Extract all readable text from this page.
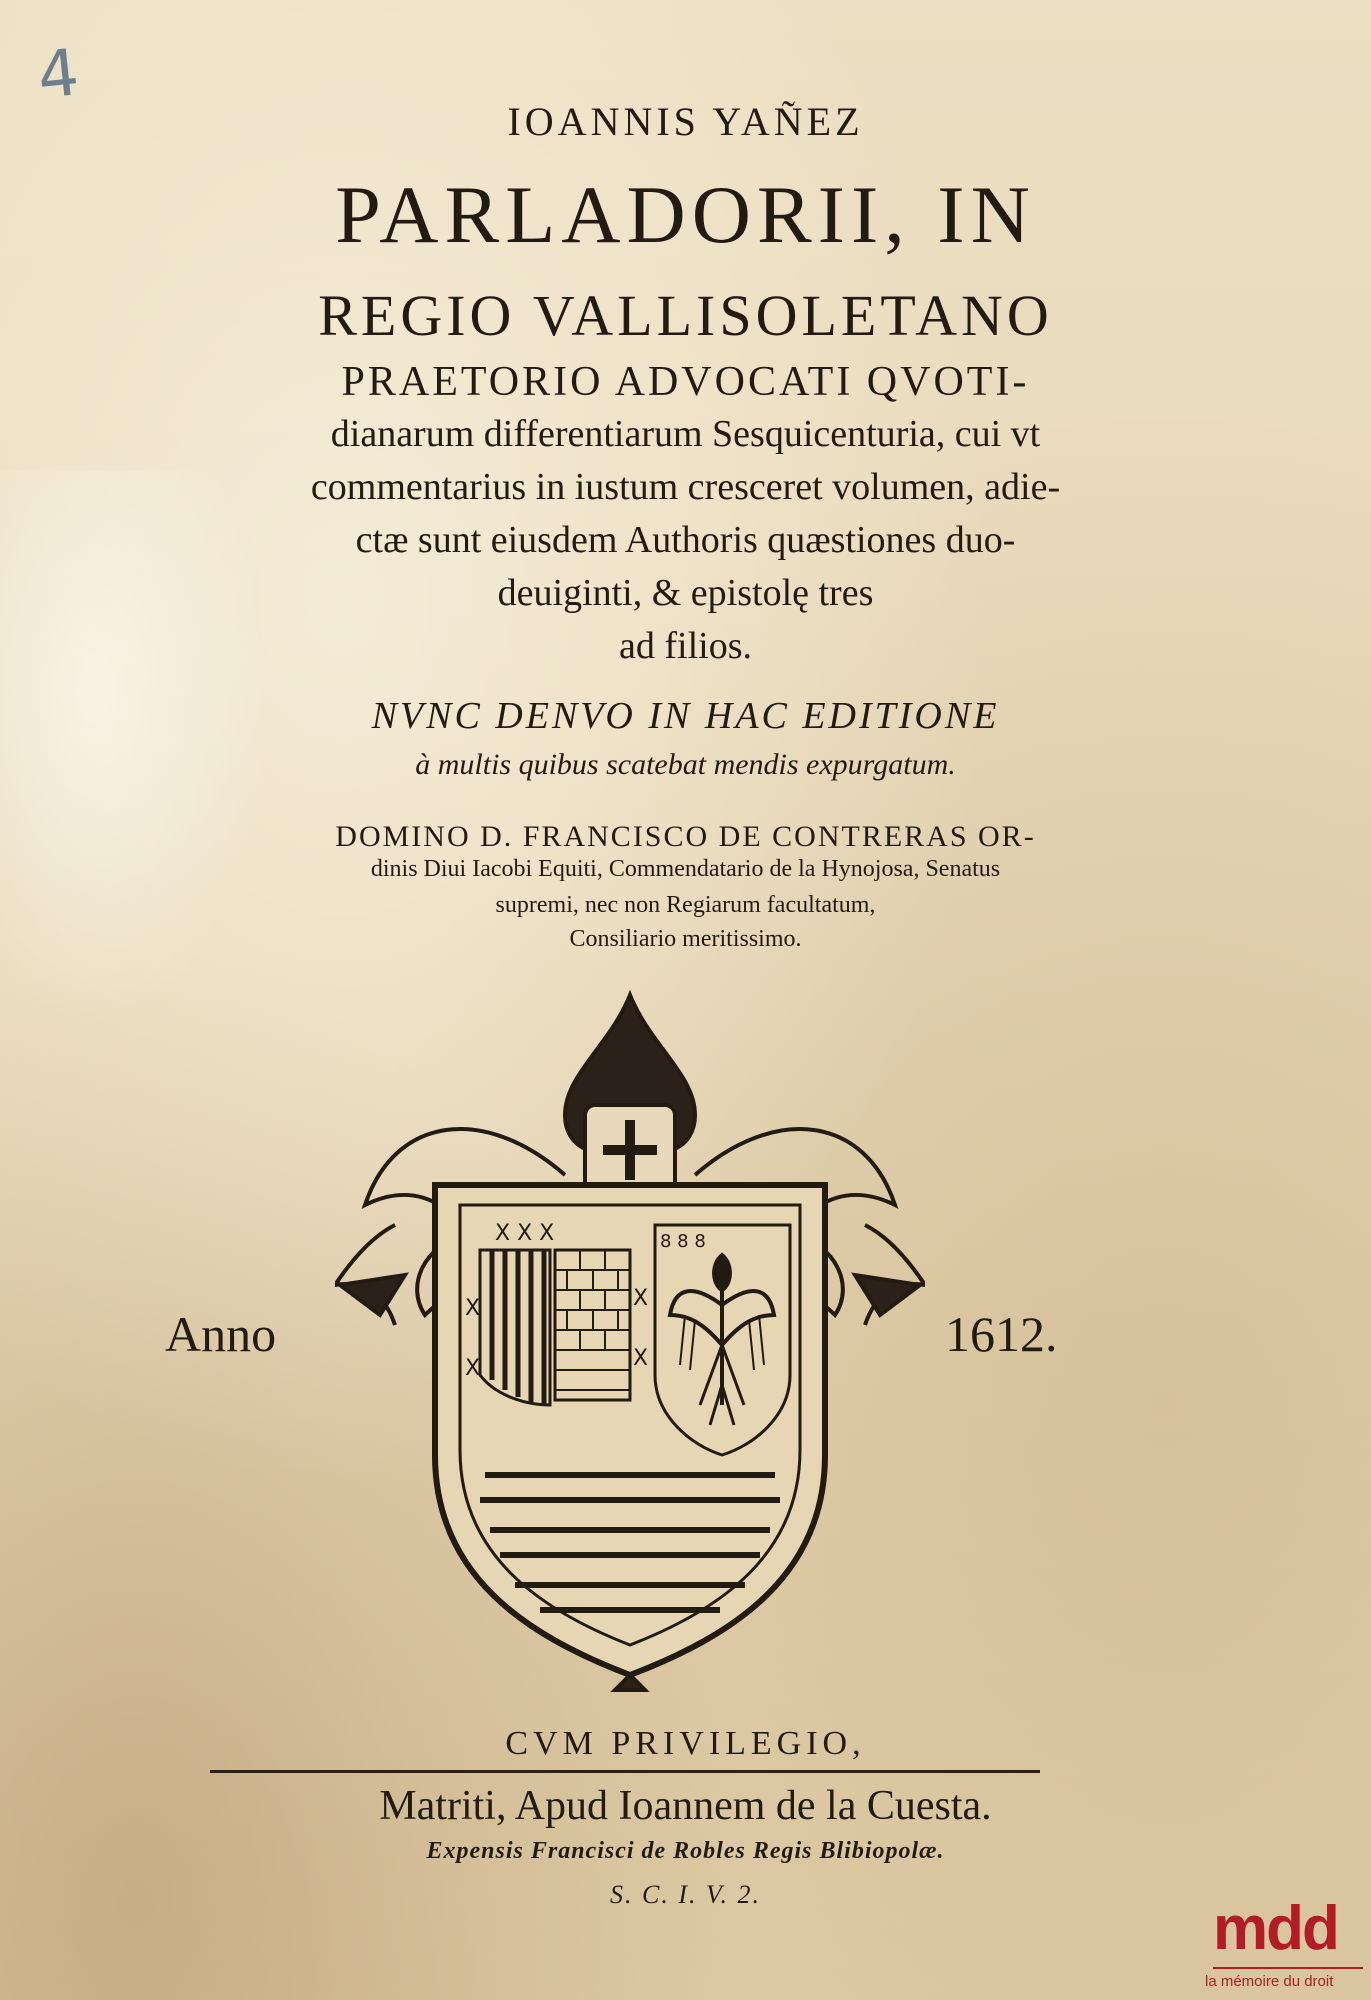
4
IOANNIS YAÑEZ
PARLADORII, IN
REGIO VALLISOLETANO
PRAETORIO ADVOCATI QVOTI-
dianarum differentiarum Sesquicenturia, cui vt
commentarius in iustum cresceret volumen, adie-
ctæ sunt eiusdem Authoris quæstiones duo-
deuiginti, & epistolę tres
ad filios.
NVNC DENVO IN HAC EDITIONE
à multis quibus scatebat mendis expurgatum.
DOMINO D. FRANCISCO DE CONTRERAS OR-
dinis Diui Iacobi Equiti, Commendatario de la Hynojosa, Senatus
supremi, nec non Regiarum facultatum,
Consiliario meritissimo.
X X X
X
X
X
X
8 8 8
Anno	1612.
CVM PRIVILEGIO,
Matriti, Apud Ioannem de la Cuesta.
Expensis Francisci de Robles Regis Blibiopolæ.
S. C. I. V. 2.	mdd
la mémoire du droit
